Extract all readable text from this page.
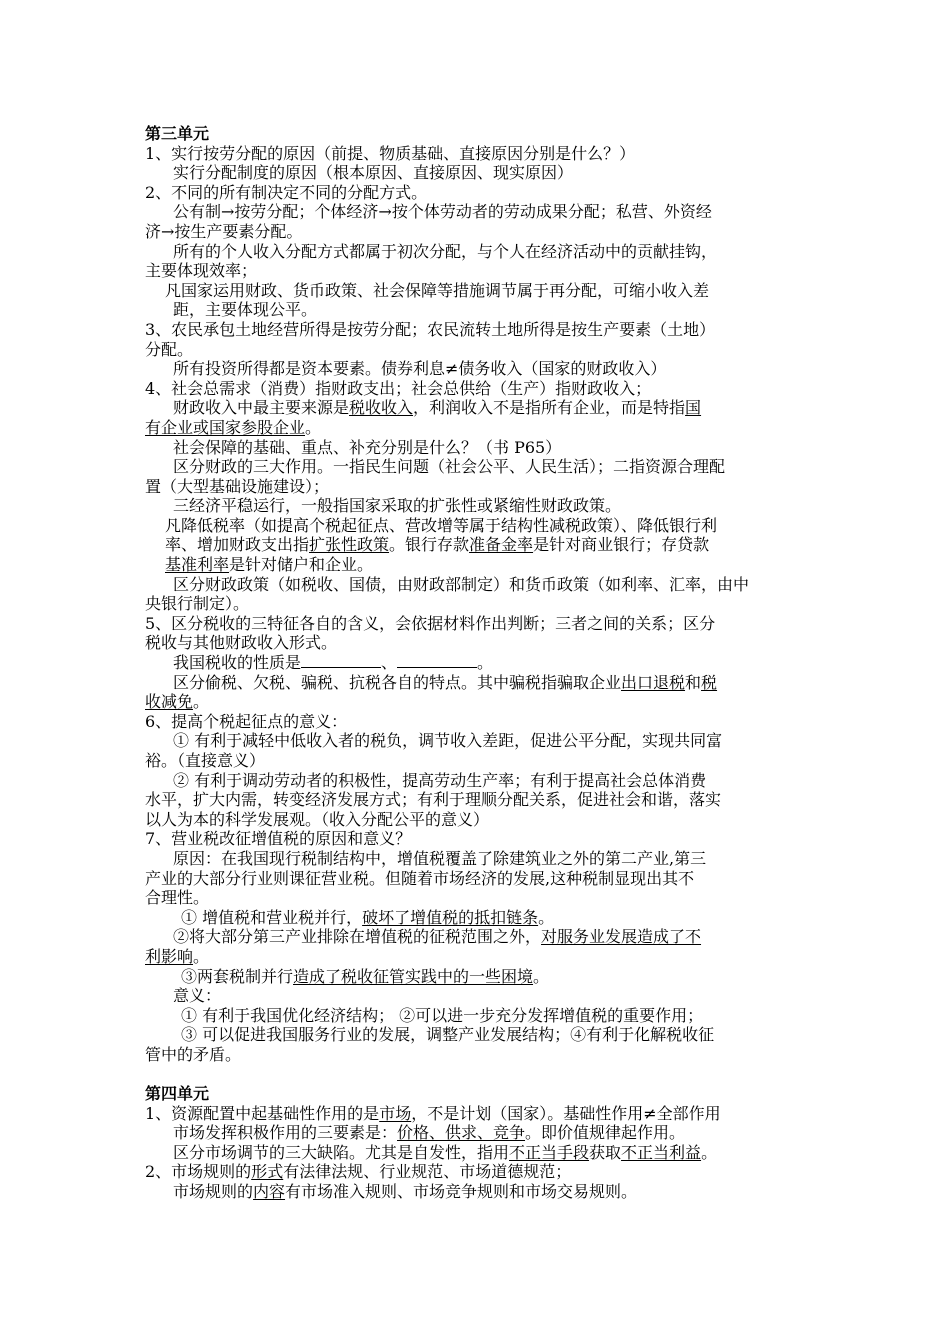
第三单元
1、实行按劳分配的原因（前提、物质基础、直接原因分别是什么？）
实行分配制度的原因（根本原因、直接原因、现实原因）
2、不同的所有制决定不同的分配方式。
公有制→按劳分配；个体经济→按个体劳动者的劳动成果分配；私营、外资经
济→按生产要素分配。
所有的个人收入分配方式都属于初次分配，与个人在经济活动中的贡献挂钩，
主要体现效率；
凡国家运用财政、货币政策、社会保障等措施调节属于再分配，可缩小收入差
距，主要体现公平。
3、农民承包土地经营所得是按劳分配；农民流转土地所得是按生产要素（土地）
分配。
所有投资所得都是资本要素。债券利息≠债务收入（国家的财政收入）
4、社会总需求（消费）指财政支出；社会总供给（生产）指财政收入；
财政收入中最主要来源是税收收入，利润收入不是指所有企业，而是特指国
有企业或国家参股企业。
社会保障的基础、重点、补充分别是什么？（书 P65）
区分财政的三大作用。一指民生问题（社会公平、人民生活）；二指资源合理配
置（大型基础设施建设）；
三经济平稳运行，一般指国家采取的扩张性或紧缩性财政政策。
凡降低税率（如提高个税起征点、营改增等属于结构性减税政策）、降低银行利
率、增加财政支出指扩张性政策。银行存款准备金率是针对商业银行；存贷款
基准利率是针对储户和企业。
区分财政政策（如税收、国债，由财政部制定）和货币政策（如利率、汇率，由中
央银行制定）。
5、区分税收的三特征各自的含义，会依据材料作出判断；三者之间的关系；区分
税收与其他财政收入形式。
我国税收的性质是	、	。
区分偷税、欠税、骗税、抗税各自的特点。其中骗税指骗取企业出口退税和税
收减免。
6、提高个税起征点的意义：
① 有利于减轻中低收入者的税负，调节收入差距，促进公平分配，实现共同富
裕。（直接意义）
② 有利于调动劳动者的积极性，提高劳动生产率；有利于提高社会总体消费
水平，扩大内需，转变经济发展方式；有利于理顺分配关系，促进社会和谐，落实
以人为本的科学发展观。（收入分配公平的意义）
7、营业税改征增值税的原因和意义？
原因：在我国现行税制结构中，增值税覆盖了除建筑业之外的第二产业,第三
产业的大部分行业则课征营业税。但随着市场经济的发展,这种税制显现出其不
合理性。
① 增值税和营业税并行，破坏了增值税的抵扣链条。
②将大部分第三产业排除在增值税的征税范围之外，对服务业发展造成了不
利影响。
③两套税制并行造成了税收征管实践中的一些困境。
意义：
① 有利于我国优化经济结构； ②可以进一步充分发挥增值税的重要作用；
③ 可以促进我国服务行业的发展，调整产业发展结构；④有利于化解税收征
管中的矛盾。
第四单元
1、资源配置中起基础性作用的是市场，不是计划（国家）。基础性作用≠全部作用
市场发挥积极作用的三要素是：价格、供求、竞争。即价值规律起作用。
区分市场调节的三大缺陷。尤其是自发性，指用不正当手段获取不正当利益。
2、市场规则的形式有法律法规、行业规范、市场道德规范；
市场规则的内容有市场准入规则、市场竞争规则和市场交易规则。
